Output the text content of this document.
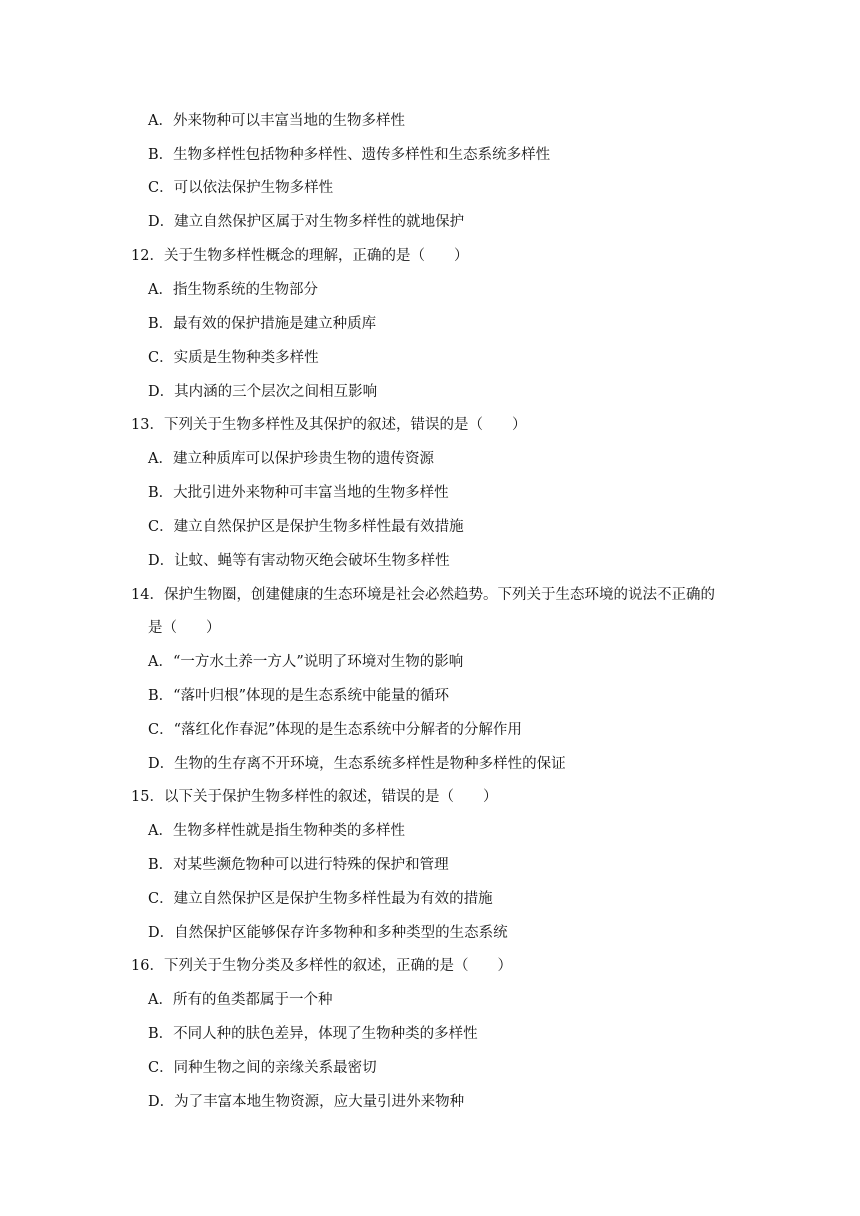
A．外来物种可以丰富当地的生物多样性
B．生物多样性包括物种多样性、遗传多样性和生态系统多样性
C．可以依法保护生物多样性
D．建立自然保护区属于对生物多样性的就地保护
12．关于生物多样性概念的理解，正确的是（　　）
A．指生物系统的生物部分
B．最有效的保护措施是建立种质库
C．实质是生物种类多样性
D．其内涵的三个层次之间相互影响
13．下列关于生物多样性及其保护的叙述，错误的是（　　）
A．建立种质库可以保护珍贵生物的遗传资源
B．大批引进外来物种可丰富当地的生物多样性
C．建立自然保护区是保护生物多样性最有效措施
D．让蚊、蝇等有害动物灭绝会破坏生物多样性
14．保护生物圈，创建健康的生态环境是社会必然趋势。下列关于生态环境的说法不正确的
是（　　）
A．“一方水土养一方人”说明了环境对生物的影响
B．“落叶归根”体现的是生态系统中能量的循环
C．“落红化作春泥”体现的是生态系统中分解者的分解作用
D．生物的生存离不开环境，生态系统多样性是物种多样性的保证
15．以下关于保护生物多样性的叙述，错误的是（　　）
A．生物多样性就是指生物种类的多样性
B．对某些濒危物种可以进行特殊的保护和管理
C．建立自然保护区是保护生物多样性最为有效的措施
D．自然保护区能够保存许多物种和多种类型的生态系统
16．下列关于生物分类及多样性的叙述，正确的是（　　）
A．所有的鱼类都属于一个种
B．不同人种的肤色差异，体现了生物种类的多样性
C．同种生物之间的亲缘关系最密切
D．为了丰富本地生物资源，应大量引进外来物种
